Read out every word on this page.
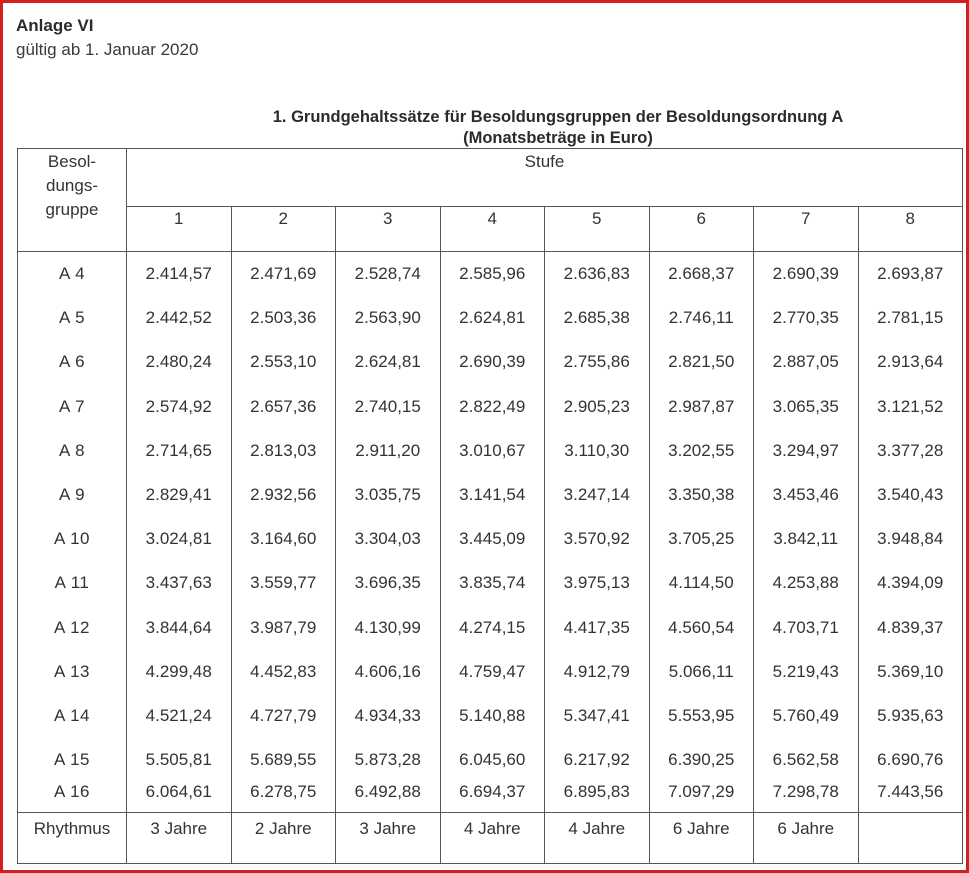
Anlage VI
gültig ab 1. Januar 2020
1. Grundgehaltssätze für Besoldungsgruppen der Besoldungsordnung A
(Monatsbeträge in Euro)
Besol-
dungs-
gruppe	Stufe							
	1	2	3	4	5	6	7	8
A 4	2.414,57	2.471,69	2.528,74	2.585,96	2.636,83	2.668,37	2.690,39	2.693,87
A 5	2.442,52	2.503,36	2.563,90	2.624,81	2.685,38	2.746,11	2.770,35	2.781,15
A 6	2.480,24	2.553,10	2.624,81	2.690,39	2.755,86	2.821,50	2.887,05	2.913,64
A 7	2.574,92	2.657,36	2.740,15	2.822,49	2.905,23	2.987,87	3.065,35	3.121,52
A 8	2.714,65	2.813,03	2.911,20	3.010,67	3.110,30	3.202,55	3.294,97	3.377,28
A 9	2.829,41	2.932,56	3.035,75	3.141,54	3.247,14	3.350,38	3.453,46	3.540,43
A 10	3.024,81	3.164,60	3.304,03	3.445,09	3.570,92	3.705,25	3.842,11	3.948,84
A 11	3.437,63	3.559,77	3.696,35	3.835,74	3.975,13	4.114,50	4.253,88	4.394,09
A 12	3.844,64	3.987,79	4.130,99	4.274,15	4.417,35	4.560,54	4.703,71	4.839,37
A 13	4.299,48	4.452,83	4.606,16	4.759,47	4.912,79	5.066,11	5.219,43	5.369,10
A 14	4.521,24	4.727,79	4.934,33	5.140,88	5.347,41	5.553,95	5.760,49	5.935,63
A 15	5.505,81	5.689,55	5.873,28	6.045,60	6.217,92	6.390,25	6.562,58	6.690,76
A 16	6.064,61	6.278,75	6.492,88	6.694,37	6.895,83	7.097,29	7.298,78	7.443,56
Rhythmus	3 Jahre	2 Jahre	3 Jahre	4 Jahre	4 Jahre	6 Jahre	6 Jahre	
